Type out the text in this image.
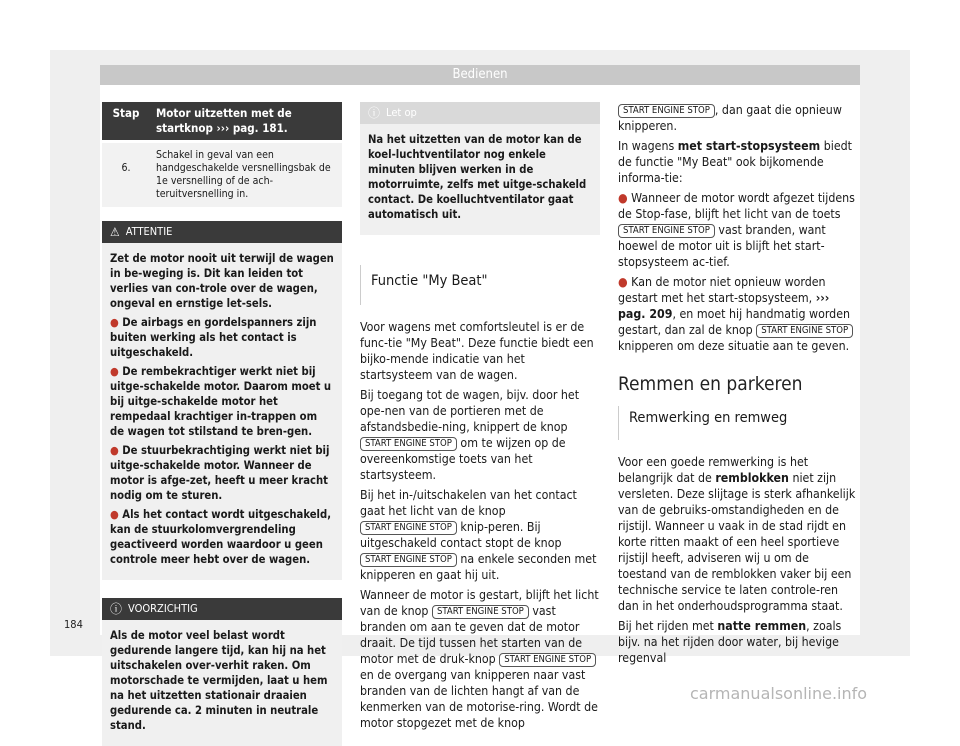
Bedienen
Stap	Motor uitzetten met de startknop ››› pag. 181.
6.	Schakel in geval van een handgeschakelde versnellingsbak de 1e versnelling of de ach-teruitversnelling in.
⚠ ATTENTIE

Zet de motor nooit uit terwijl de wagen in be-weging is. Dit kan leiden tot verlies van con-trole over de wagen, ongeval en ernstige let-sels.

● De airbags en gordelspanners zijn buiten werking als het contact is uitgeschakeld.

● De rembekrachtiger werkt niet bij uitge-schakelde motor. Daarom moet u bij uitge-schakelde motor het rempedaal krachtiger in-trappen om de wagen tot stilstand te bren-gen.

● De stuurbekrachtiging werkt niet bij uitge-schakelde motor. Wanneer de motor is afge-zet, heeft u meer kracht nodig om te sturen.

● Als het contact wordt uitgeschakeld, kan de stuurkolomvergrendeling geactiveerd worden waardoor u geen controle meer hebt over de wagen.

ⓘ VOORZICHTIG

Als de motor veel belast wordt gedurende langere tijd, kan hij na het uitschakelen over-verhit raken. Om motorschade te vermijden, laat u hem na het uitzetten stationair draaien gedurende ca. 2 minuten in neutrale stand.

ⓘ Let op

Na het uitzetten van de motor kan de koel-luchtventilator nog enkele minuten blijven werken in de motorruimte, zelfs met uitge-schakeld contact. De koelluchtventilator gaat automatisch uit.

Functie "My Beat"

Voor wagens met comfortsleutel is er de func-tie "My Beat". Deze functie biedt een bijko-mende indicatie van het startsysteem van de wagen.

Bij toegang tot de wagen, bijv. door het ope-nen van de portieren met de afstandsbedie-ning, knippert de knop START ENGINE STOP om te wijzen op de overeenkomstige toets van het startsysteem.

Bij het in-/uitschakelen van het contact gaat het licht van de knop START ENGINE STOP knip-peren. Bij uitgeschakeld contact stopt de knop START ENGINE STOP na enkele seconden met knipperen en gaat hij uit.

Wanneer de motor is gestart, blijft het licht van de knop START ENGINE STOP vast branden om aan te geven dat de motor draait. De tijd tussen het starten van de motor met de druk-knop START ENGINE STOP en de overgang van knipperen naar vast branden van de lichten hangt af van de kenmerken van de motorise-ring. Wordt de motor stopgezet met de knop

START ENGINE STOP , dan gaat die opnieuw knipperen.

In wagens met start-stopsysteem biedt de functie "My Beat" ook bijkomende informa-tie:

● Wanneer de motor wordt afgezet tijdens de Stop-fase, blijft het licht van de toets START ENGINE STOP vast branden, want hoewel de motor uit is blijft het start-stopsysteem ac-tief.

● Kan de motor niet opnieuw worden gestart met het start-stopsysteem, ››› pag. 209, en moet hij handmatig worden gestart, dan zal de knop START ENGINE STOP knipperen om deze situatie aan te geven.

Remmen en parkeren
Remwerking en remweg

Voor een goede remwerking is het belangrijk dat de remblokken niet zijn versleten. Deze slijtage is sterk afhankelijk van de gebruiks-omstandigheden en de rijstijl. Wanneer u vaak in de stad rijdt en korte ritten maakt of een heel sportieve rijstijl heeft, adviseren wij u om de toestand van de remblokken vaker bij een technische service te laten controle-ren dan in het onderhoudsprogramma staat.

Bij het rijden met natte remmen, zoals bijv. na het rijden door water, bij hevige regenval

184
carmanualsonline.info
